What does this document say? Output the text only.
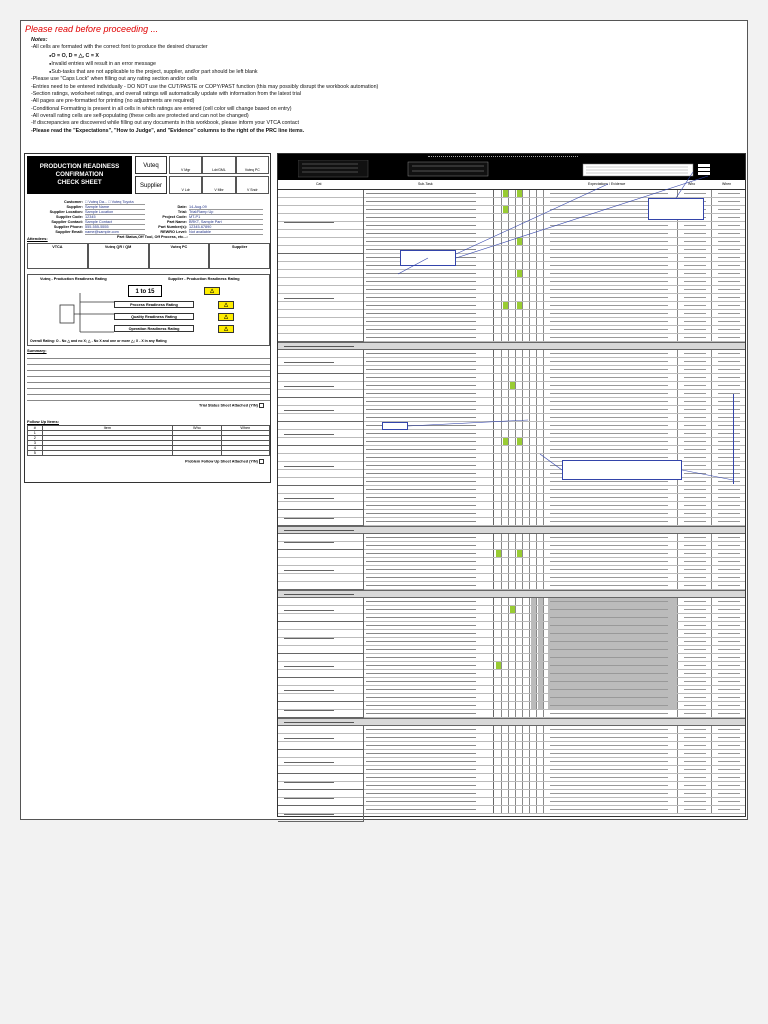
Please read before proceeding ...
Notes:
-All cells are formated with the correct font to produce the desired character
● O = O, D = △, C = X
● Invalid entries will result in an error message
● Sub-tasks that are not applicable to the project, supplier, and/or part should be left blank
-Please use "Caps Lock" when filling out any rating section and/or cells
-Entries need to be entered individually - DO NOT use the CUT/PASTE or COPY/PAST function (this may possibly disrupt the workbook automation)
-Section ratings, worksheet ratings, and overall ratings will automatically update with information from the latest trial
-All pages are pre-formatted for printing (no adjustments are required)
-Conditional Formatting is present in all cells in which ratings are entered (cell color will change based on entry)
-All overall rating cells are self-populating (these cells are protected and can not be changed)
-If discrepancies are discovered while filling out any documents in this workbook, please inform your VTCA contact
-Please read the "Expectations", "How to Judge", and "Evidence" columns to the right of the PRC line items.
PRODUCTION READINESS
CONFIRMATION
CHECK SHEET
Vuteq
Supplier
V Mgr	Ldr/GML	Vuteq PC
V Ldr	V Mbr	V Sndr
Customer: □ Vuteq Da... □ Vuteq Toyota
Supplier: Sample Name
Supplier Location: Sample Location
Supplier Code: 12345
Supplier Contact: Sample Contact
Supplier Phone: 555-555-5555
Supplier Email: name@sample.com
Date: 14-Aug-09
Trial: Trial/Ramp Up
Project Code: MT-P1
Part Name: BRKT, Sample Part
Part Number(s): 12345-67890
REWRO Level: Not available
Part Status,Off Tool, Off Process, etc...:
Attendees:
VTCA	Vuteq QR / QM	Vuteq PC	Supplier
Vuteq - Production Readiness Rating	Supplier - Production Readiness Rating
1 to 15	△
Process Readiness Rating
Quality Readiness Rating
Operation Readiness Rating
△
△
△
Overall Rating: O - No △ and no X; △ - No X and one or more △; X - X in any Rating
Summary:
Trial Status Sheet Attached (Y/N)
Follow Up Items:
#	Item	Who	When
1			
2			
3			
4			
5			
Problem Follow Up Sheet Attached (Y/N)
Cat	Sub-Task	Expectations / Evidence	Who	When
